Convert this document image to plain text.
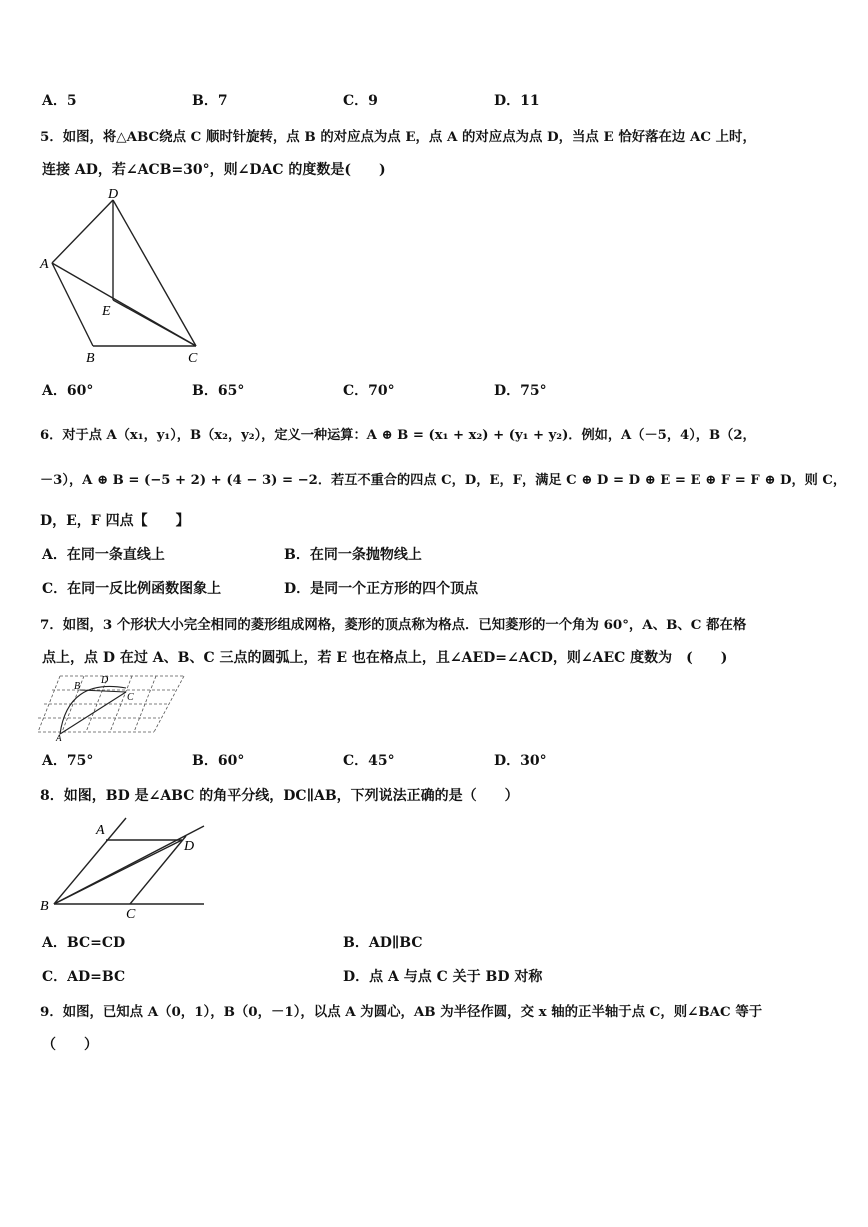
A．5	B．7	C．9	D．11
5．如图，将△ABC绕点 C 顺时针旋转，点 B 的对应点为点 E，点 A 的对应点为点 D，当点 E 恰好落在边 AC 上时，
连接 AD，若∠ACB=30°，则∠DAC 的度数是(　　)
D
A
E
B	C
A．60°	B．65°	C．70°	D．75°
6．对于点 A（x₁，y₁），B（x₂，y₂），定义一种运算：A ⊕ B = (x₁ + x₂) + (y₁ + y₂)．例如，A（－5，4），B（2，
－3），A ⊕ B = (−5 + 2) + (4 − 3) = −2．若互不重合的四点 C，D，E，F，满足 C ⊕ D = D ⊕ E = E ⊕ F = F ⊕ D，则 C，
D，E，F 四点【　　】
A．在同一条直线上	B．在同一条抛物线上
C．在同一反比例函数图象上	D．是同一个正方形的四个顶点
7．如图，3 个形状大小完全相同的菱形组成网格，菱形的顶点称为格点．已知菱形的一个角为 60°，A、B、C 都在格
点上，点 D 在过 A、B、C 三点的圆弧上，若 E 也在格点上，且∠AED=∠ACD，则∠AEC 度数为　(　　)
B
D
C
A
A．75°	B．60°	C．45°	D．30°
8．如图，BD 是∠ABC 的角平分线，DC∥AB，下列说法正确的是（　　）
A
D
B
C
A．BC=CD	B．AD∥BC
C．AD=BC	D．点 A 与点 C 关于 BD 对称
9．如图，已知点 A（0，1），B（0，－1），以点 A 为圆心，AB 为半径作圆，交 x 轴的正半轴于点 C，则∠BAC 等于
（　　）
